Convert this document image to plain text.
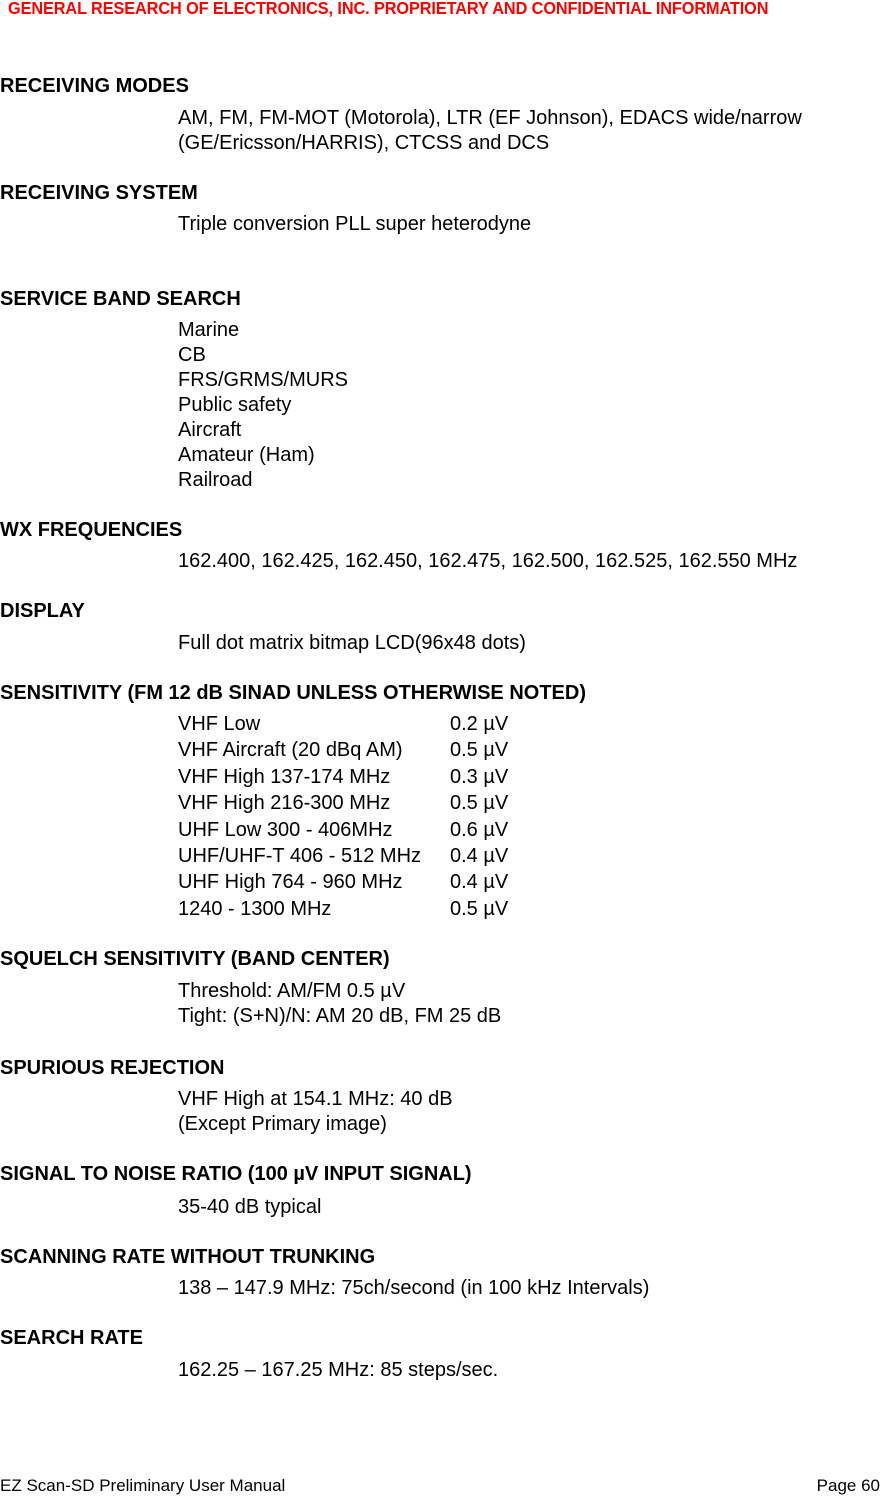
GENERAL RESEARCH OF ELECTRONICS, INC. PROPRIETARY AND CONFIDENTIAL INFORMATION
RECEIVING MODES
AM, FM, FM-MOT (Motorola), LTR (EF Johnson), EDACS wide/narrow
(GE/Ericsson/HARRIS), CTCSS and DCS
RECEIVING SYSTEM
Triple conversion PLL super heterodyne
SERVICE BAND SEARCH
Marine
CB
FRS/GRMS/MURS
Public safety
Aircraft
Amateur (Ham)
Railroad
WX FREQUENCIES
162.400, 162.425, 162.450, 162.475, 162.500, 162.525, 162.550 MHz
DISPLAY
Full dot matrix bitmap LCD(96x48 dots)
SENSITIVITY (FM 12 dB SINAD UNLESS OTHERWISE NOTED)
VHF Low	0.2 µV
VHF Aircraft (20 dBq AM) 0.5 µV
VHF High 137-174 MHz	0.3 µV
VHF High 216-300 MHz	0.5 µV
UHF Low 300 - 406MHz	0.6 µV
UHF/UHF-T 406 - 512 MHz 0.4 µV
UHF High 764 - 960 MHz 0.4 µV
1240 - 1300 MHz	0.5 µV
SQUELCH SENSITIVITY (BAND CENTER)
Threshold: AM/FM 0.5 µV
Tight: (S+N)/N: AM 20 dB, FM 25 dB
SPURIOUS REJECTION
VHF High at 154.1 MHz: 40 dB
(Except Primary image)
SIGNAL TO NOISE RATIO (100 µV INPUT SIGNAL)
35-40 dB typical
SCANNING RATE WITHOUT TRUNKING
138 – 147.9 MHz: 75ch/second (in 100 kHz Intervals)
SEARCH RATE
162.25 – 167.25 MHz: 85 steps/sec.
EZ Scan-SD Preliminary User Manual	Page 60
